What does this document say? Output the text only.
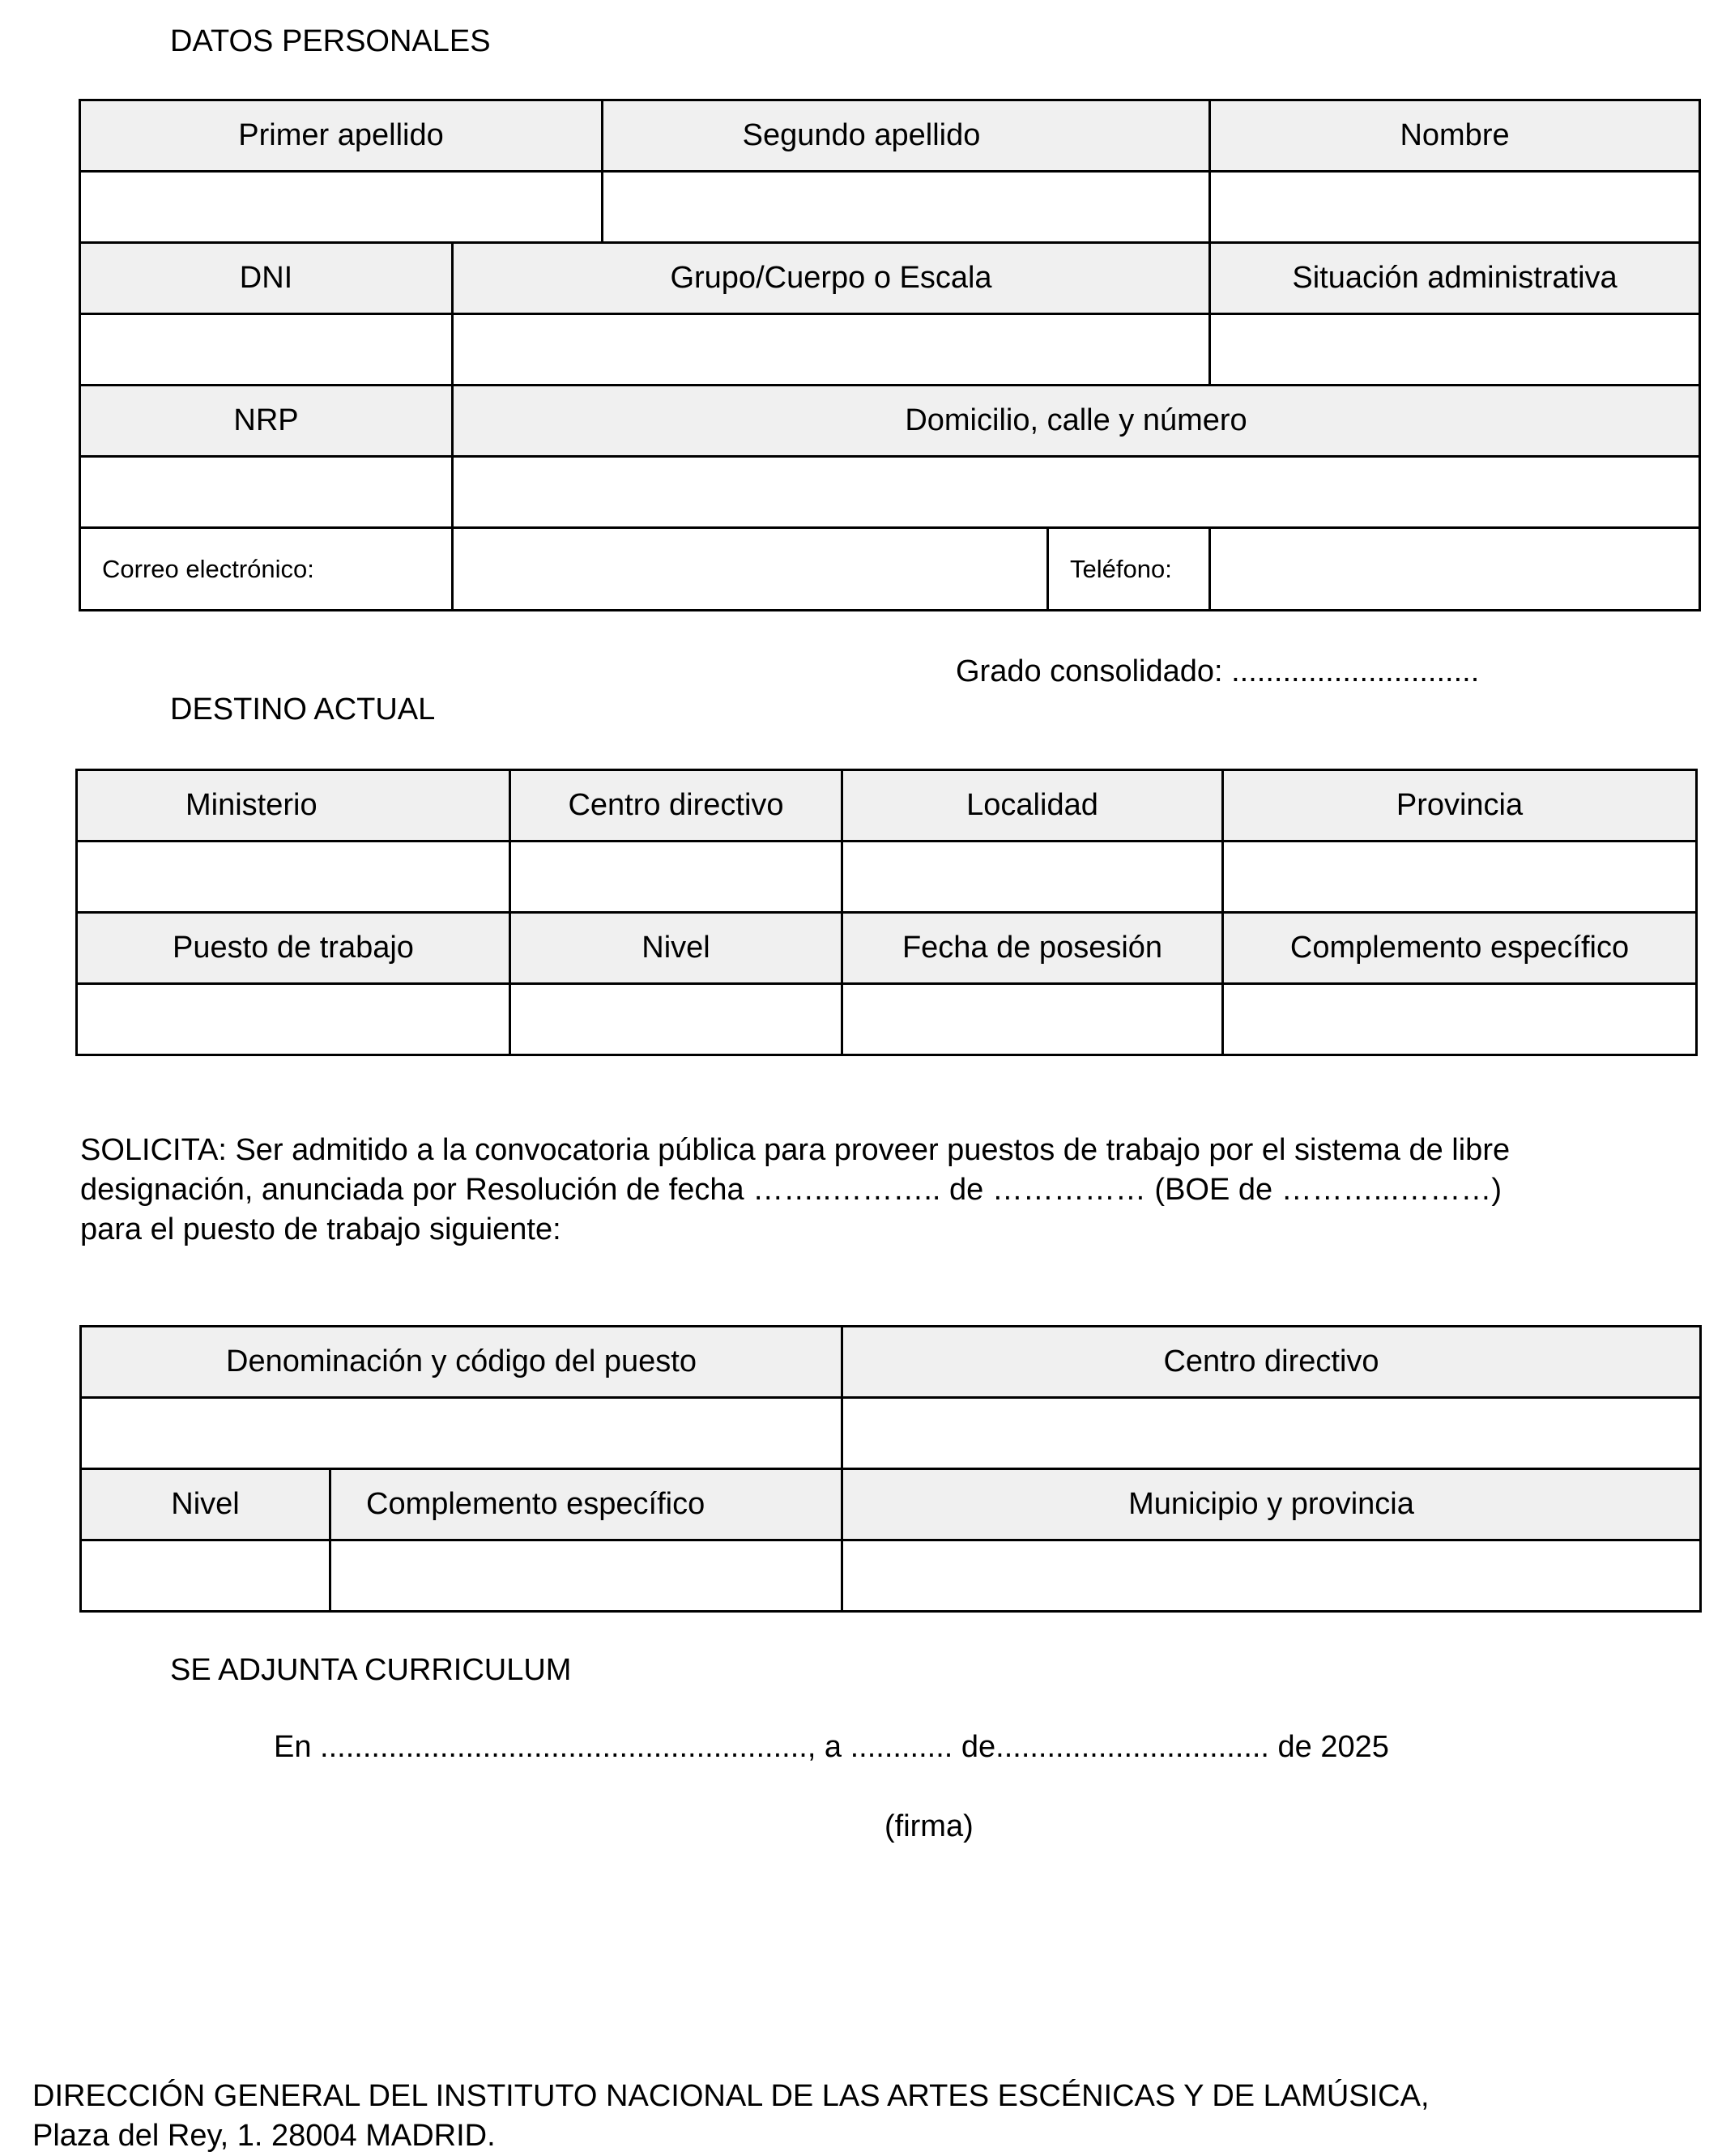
DATOS PERSONALES
Primer apellido		Segundo apellido		Nombre

DNI	Grupo/Cuerpo o Escala			Situación administrativa

NRP	Domicilio, calle y número			

Correo electrónico:			Teléfono:	
Grado consolidado: .............................
DESTINO ACTUAL
Ministerio	Centro directivo	Localidad	Provincia

Puesto de trabajo	Nivel	Fecha de posesión	Complemento específico

SOLICITA: Ser admitido a la convocatoria pública para proveer puestos de trabajo por el sistema de libre
designación, anunciada por Resolución de fecha ……..……….. de …………… (BOE de ………...………)
para el puesto de trabajo siguiente:
Denominación y código del puesto		Centro directivo

Nivel	Complemento específico	Municipio y provincia

SE ADJUNTA CURRICULUM
En ........................................................., a ............ de................................ de 2025
(firma)
DIRECCIÓN GENERAL DEL INSTITUTO NACIONAL DE LAS ARTES ESCÉNICAS Y DE LAMÚSICA,
Plaza del Rey, 1. 28004 MADRID.
